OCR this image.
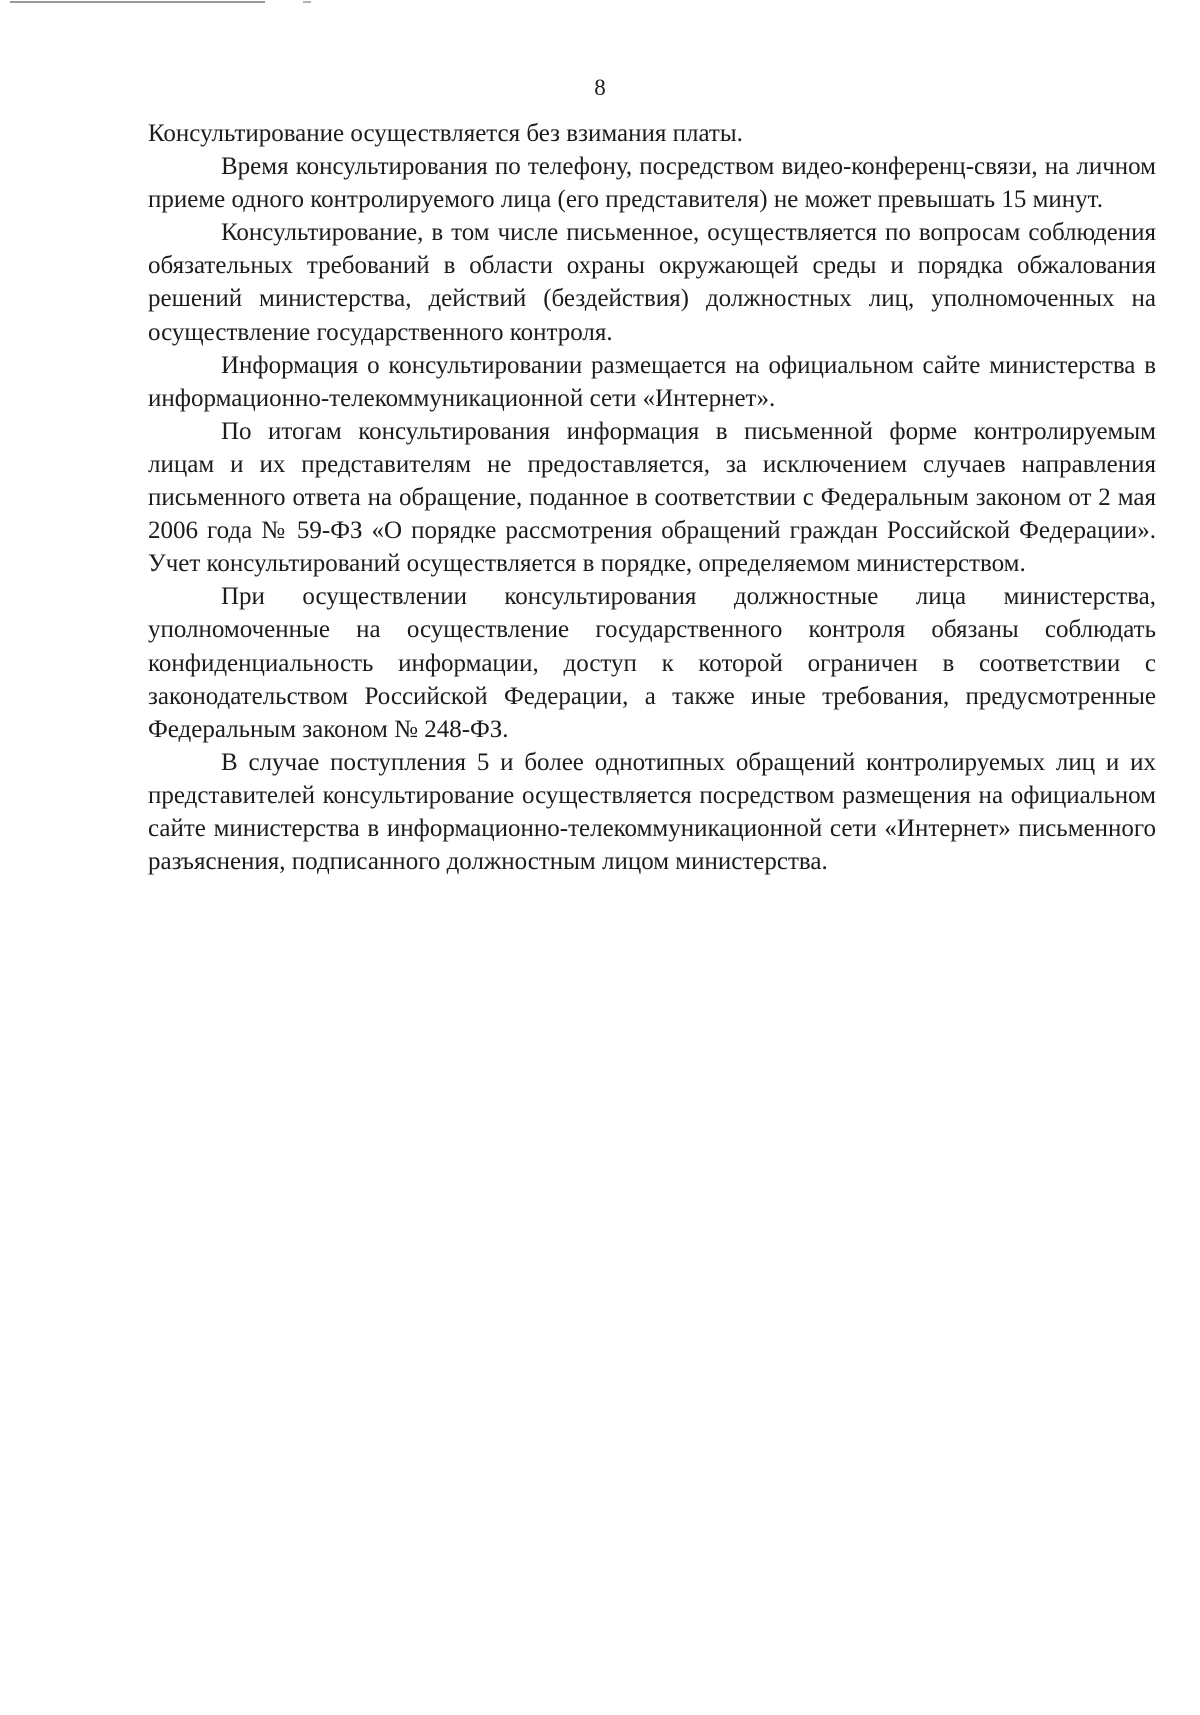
8

Консультирование осуществляется без взимания платы.

Время консультирования по телефону, посредством видео-конференц-связи, на личном приеме одного контролируемого лица (его представителя) не может превышать 15 минут.

Консультирование, в том числе письменное, осуществляется по вопросам соблюдения обязательных требований в области охраны окружающей среды и порядка обжалования решений министерства, действий (бездействия) должностных лиц, уполномоченных на осуществление государственного контроля.

Информация о консультировании размещается на официальном сайте министерства в информационно-телекоммуникационной сети «Интернет».

По итогам консультирования информация в письменной форме контролируемым лицам и их представителям не предоставляется, за исключением случаев направления письменного ответа на обращение, поданное в соответствии с Федеральным законом от 2 мая 2006 года № 59-ФЗ «О порядке рассмотрения обращений граждан Российской Федерации». Учет консультирований осуществляется в порядке, определяемом министерством.

При осуществлении консультирования должностные лица министерства, уполномоченные на осуществление государственного контроля обязаны соблюдать конфиденциальность информации, доступ к которой ограничен в соответствии с законодательством Российской Федерации, а также иные требования, предусмотренные Федеральным законом № 248-ФЗ.

В случае поступления 5 и более однотипных обращений контролируемых лиц и их представителей консультирование осуществляется посредством размещения на официальном сайте министерства в информационно-телекоммуникационной сети «Интернет» письменного разъяснения, подписанного должностным лицом министерства.
